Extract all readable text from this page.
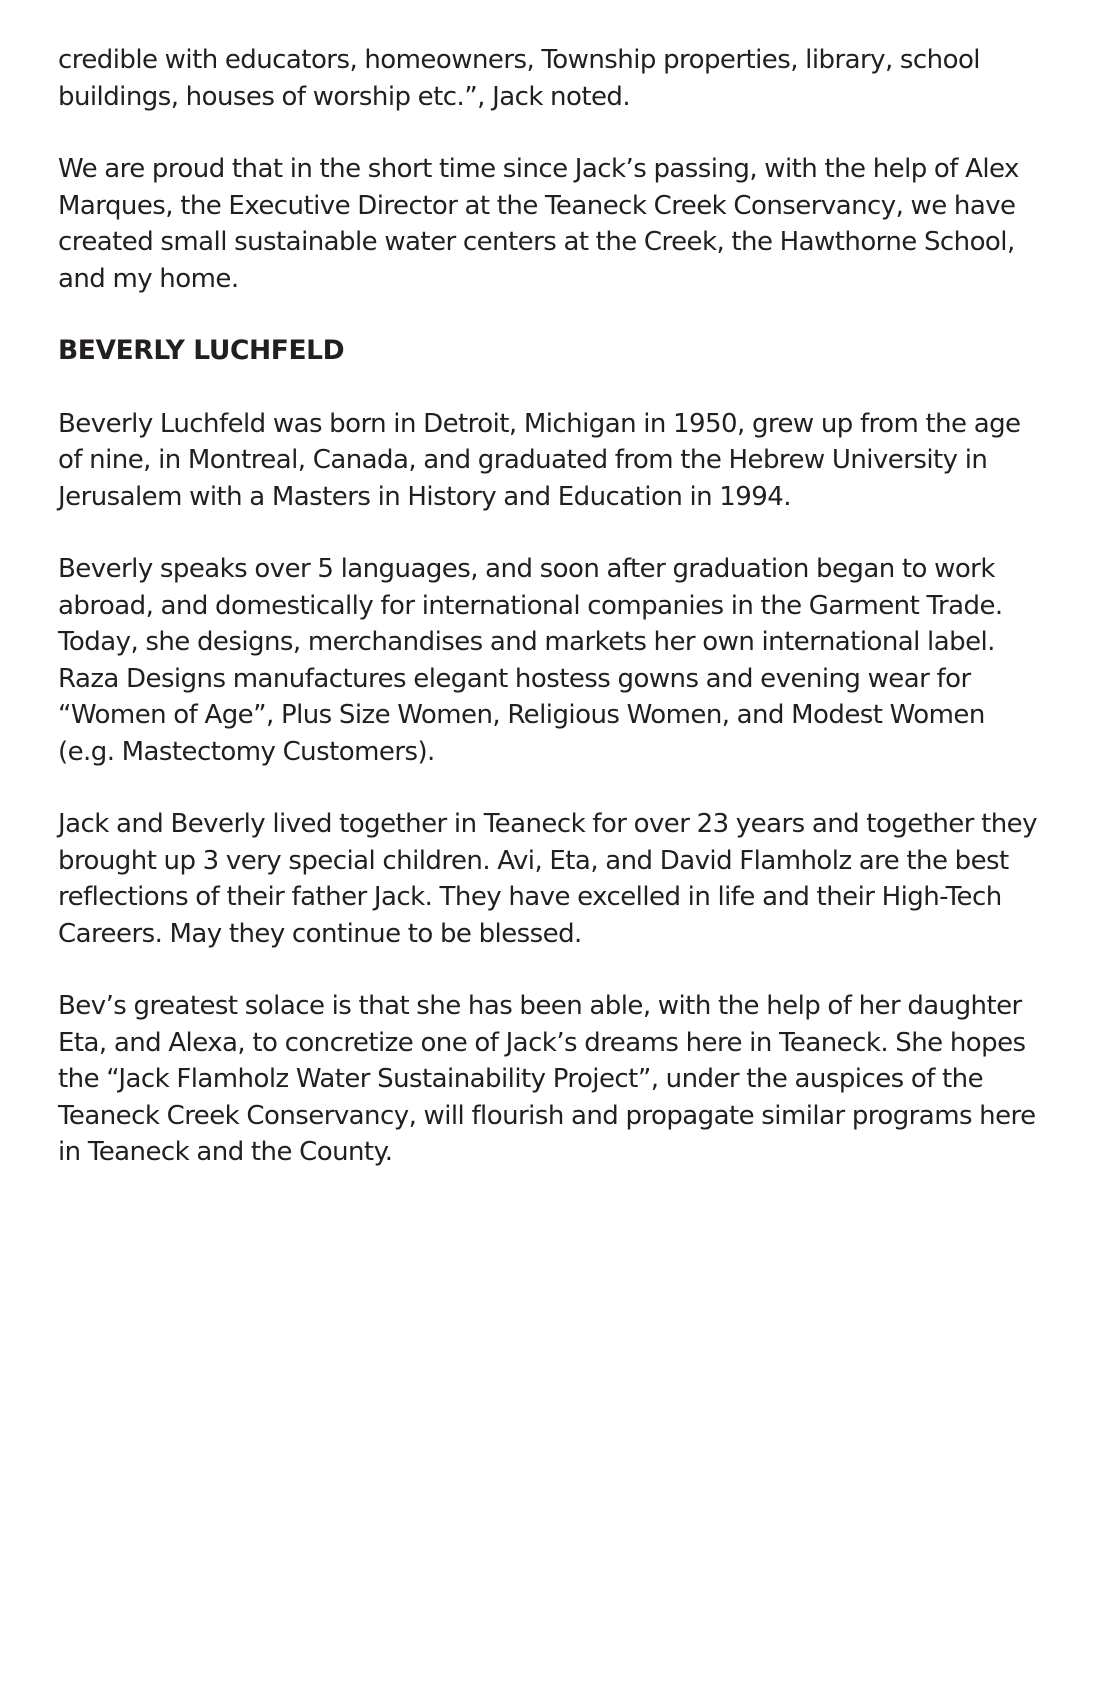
credible with educators, homeowners, Township properties, library, school
buildings, houses of worship etc.”, Jack noted.

We are proud that in the short time since Jack’s passing, with the help of Alex
Marques, the Executive Director at the Teaneck Creek Conservancy, we have
created small sustainable water centers at the Creek, the Hawthorne School,
and my home.

BEVERLY LUCHFELD

Beverly Luchfeld was born in Detroit, Michigan in 1950, grew up from the age
of nine, in Montreal, Canada, and graduated from the Hebrew University in
Jerusalem with a Masters in History and Education in 1994.

Beverly speaks over 5 languages, and soon after graduation began to work
abroad, and domestically for international companies in the Garment Trade.
Today, she designs, merchandises and markets her own international label.
Raza Designs manufactures elegant hostess gowns and evening wear for
“Women of Age”, Plus Size Women, Religious Women, and Modest Women
(e.g. Mastectomy Customers).

Jack and Beverly lived together in Teaneck for over 23 years and together they
brought up 3 very special children. Avi, Eta, and David Flamholz are the best
reflections of their father Jack. They have excelled in life and their High-Tech
Careers. May they continue to be blessed.

Bev’s greatest solace is that she has been able, with the help of her daughter
Eta, and Alexa, to concretize one of Jack’s dreams here in Teaneck. She hopes
the “Jack Flamholz Water Sustainability Project”, under the auspices of the
Teaneck Creek Conservancy, will flourish and propagate similar programs here
in Teaneck and the County.
